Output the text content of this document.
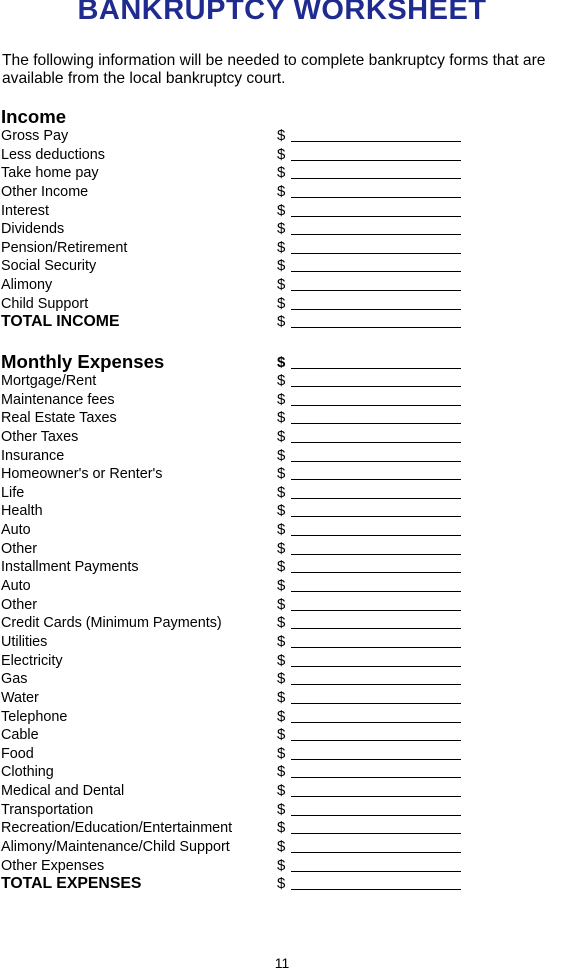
BANKRUPTCY WORKSHEET
The following information will be needed to complete bankruptcy forms that are available from the local bankruptcy court.
Income
Gross Pay	$
Less deductions	$
Take home pay	$
Other Income	$
Interest	$
Dividends	$
Pension/Retirement	$
Social Security	$
Alimony	$
Child Support	$
TOTAL INCOME	$
Monthly Expenses	$
Mortgage/Rent	$
Maintenance fees	$
Real Estate Taxes	$
Other Taxes	$
Insurance	$
Homeowner's or Renter's	$
Life	$
Health	$
Auto	$
Other	$
Installment Payments	$
Auto	$
Other	$
Credit Cards (Minimum Payments)	$
Utilities	$
Electricity	$
Gas	$
Water	$
Telephone	$
Cable	$
Food	$
Clothing	$
Medical and Dental	$
Transportation	$
Recreation/Education/Entertainment	$
Alimony/Maintenance/Child Support	$
Other Expenses	$
TOTAL EXPENSES	$
11
